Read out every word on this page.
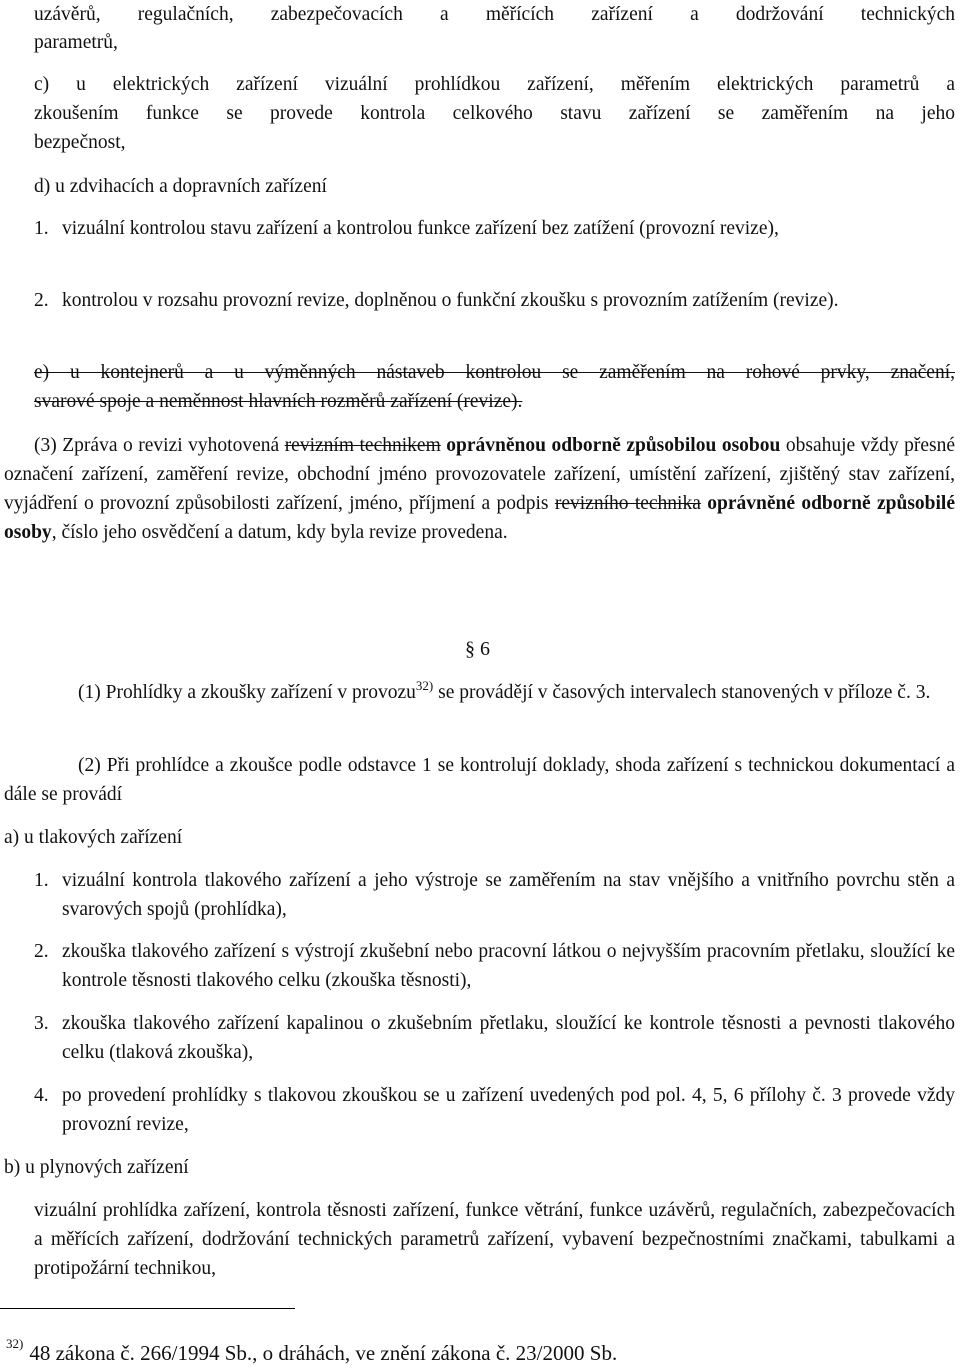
uzávěrů, regulačních, zabezpečovacích a měřících zařízení a dodržování technických

parametrů,

c) u elektrických zařízení vizuální prohlídkou zařízení, měřením elektrických parametrů a

zkoušením funkce se provede kontrola celkového stavu zařízení se zaměřením na jeho

bezpečnost,

d) u zdvihacích a dopravních zařízení

1. vizuální kontrolou stavu zařízení a kontrolou funkce zařízení bez zatížení (provozní revize),

2. kontrolou v rozsahu provozní revize, doplněnou o funkční zkoušku s provozním zatížením (revize).

e) u kontejnerů a u výměnných nástaveb kontrolou se zaměřením na rohové prvky, značení,

svarové spoje a neměnnost hlavních rozměrů zařízení (revize).

(3) Zpráva o revizi vyhotovená revizním technikem oprávněnou odborně způsobilou osobou obsahuje vždy přesné označení zařízení, zaměření revize, obchodní jméno provozovatele zařízení, umístění zařízení, zjištěný stav zařízení, vyjádření o provozní způsobilosti zařízení, jméno, příjmení a podpis revizního technika oprávněné odborně způsobilé osoby, číslo jeho osvědčení a datum, kdy byla revize provedena.

§ 6

(1) Prohlídky a zkoušky zařízení v provozu$^{32)}$ se provádějí v časových intervalech stanovených v příloze č. 3.

(2) Při prohlídce a zkoušce podle odstavce 1 se kontrolují doklady, shoda zařízení s technickou dokumentací a dále se provádí

a) u tlakových zařízení

1. vizuální kontrola tlakového zařízení a jeho výstroje se zaměřením na stav vnějšího a vnitřního povrchu stěn a svarových spojů (prohlídka),

2. zkouška tlakového zařízení s výstrojí zkušební nebo pracovní látkou o nejvyšším pracovním přetlaku, sloužící ke kontrole těsnosti tlakového celku (zkouška těsnosti),

3. zkouška tlakového zařízení kapalinou o zkušebním přetlaku, sloužící ke kontrole těsnosti a pevnosti tlakového celku (tlaková zkouška),

4. po provedení prohlídky s tlakovou zkouškou se u zařízení uvedených pod pol. 4, 5, 6 přílohy č. 3 provede vždy provozní revize,

b) u plynových zařízení

vizuální prohlídka zařízení, kontrola těsnosti zařízení, funkce větrání, funkce uzávěrů, regulačních, zabezpečovacích a měřících zařízení, dodržování technických parametrů zařízení, vybavení bezpečnostními značkami, tabulkami a protipožární technikou,

$^{32)}$ 48 zákona č. 266/1994 Sb., o dráhách, ve znění zákona č. 23/2000 Sb.
